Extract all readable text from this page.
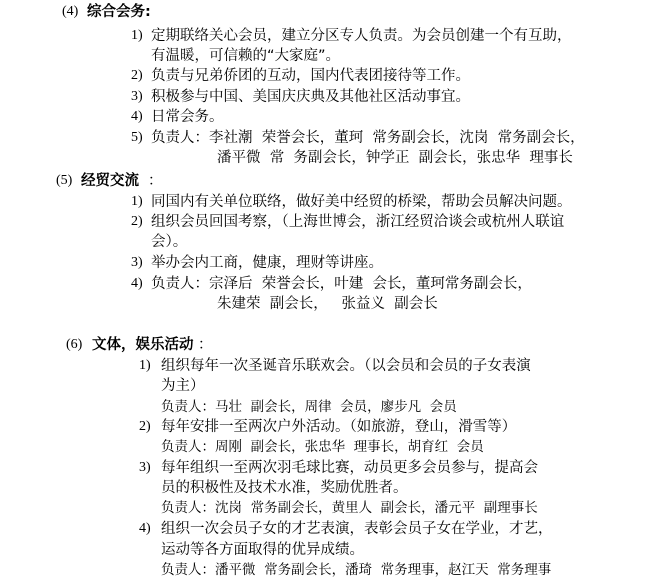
(4) 综合会务:
1) 定期联络关心会员，建立分区专人负责。为会员创建一个有互助，
有温暖，可信赖的“大家庭”。
2) 负责与兄弟侨团的互动，国内代表团接待等工作。
3) 积极参与中国、美国庆庆典及其他社区活动事宜。
4) 日常会务。
5) 负责人：李社潮  荣誉会长，董珂  常务副会长，沈岗  常务副会长，
潘平微  常  务副会长，钟学正  副会长，张忠华  理事长
(5) 经贸交流 ：
1) 同国内有关单位联络，做好美中经贸的桥梁，帮助会员解决问题。
2) 组织会员回国考察，（上海世博会，浙江经贸洽谈会或杭州人联谊
会）。
3) 举办会内工商，健康，理财等讲座。
4) 负责人：宗泽后  荣誉会长，叶建  会长，董珂常务副会长，
朱建荣  副会长，   张益义  副会长
(6) 文体，娱乐活动 ：
1) 组织每年一次圣诞音乐联欢会。（以会员和会员的子女表演
为主）
负责人：马壮  副会长，周律  会员，廖步凡  会员
2) 每年安排一至两次户外活动。（如旅游，登山，滑雪等）
负责人：周刚  副会长，张忠华  理事长，胡育红  会员
3) 每年组织一至两次羽毛球比赛，动员更多会员参与，提高会
员的积极性及技术水准，奖励优胜者。
负责人：沈岗  常务副会长，黄里人  副会长，潘元平  副理事长
4) 组织一次会员子女的才艺表演，表彰会员子女在学业，才艺，
运动等各方面取得的优异成绩。
负责人：潘平微  常务副会长，潘琦  常务理事，赵江天  常务理事
